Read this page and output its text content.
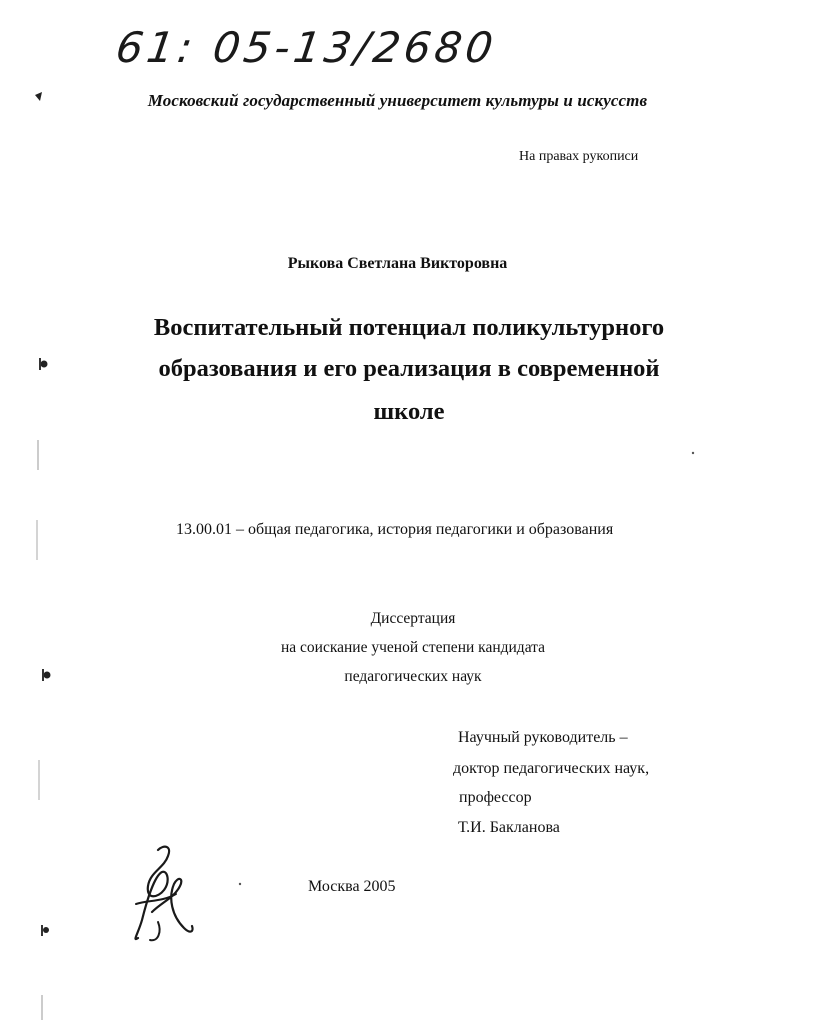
61: 05-13/2680
Московский государственный университет культуры и искусств
На правах рукописи
Рыкова Светлана Викторовна
Воспитательный потенциал поликультурного
образования и его реализация в современной
школе
13.00.01 – общая педагогика, история педагогики и образования
Диссертация
на соискание ученой степени кандидата
педагогических наук
Научный руководитель –
доктор педагогических наук,
профессор
Т.И. Бакланова
Москва 2005
